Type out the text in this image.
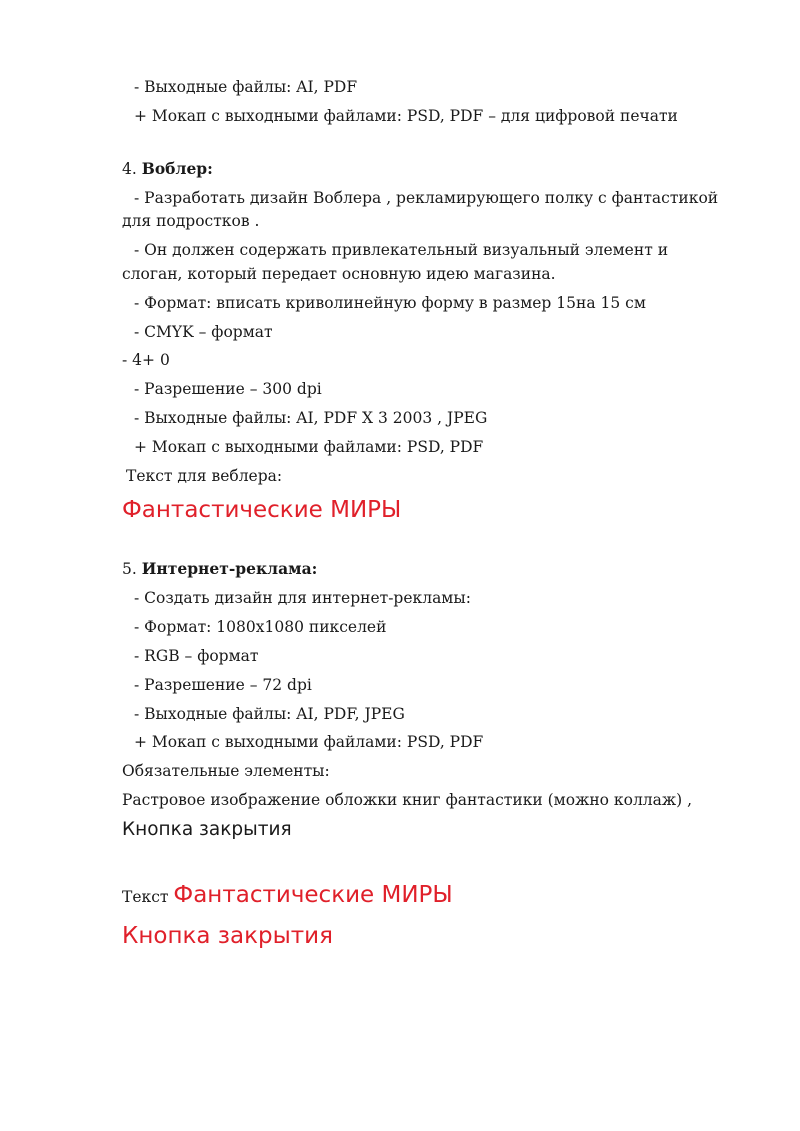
- Выходные файлы: AI, PDF
+ Мокап с выходными файлами: PSD, PDF – для цифровой печати
4. Воблер:
- Разработать дизайн Воблера , рекламирующего полку с фантастикой
для подростков .
- Он должен содержать привлекательный визуальный элемент и
слоган, который передает основную идею магазина.
- Формат: вписать криволинейную форму в размер 15на 15 см
- CMYK – формат
- 4+ 0
- Разрешение – 300 dpi
- Выходные файлы: AI, PDF X 3 2003 , JPEG
+ Мокап с выходными файлами: PSD, PDF
Текст для веблера:
Фантастические МИРЫ
5. Интернет-реклама:
- Создать дизайн для интернет-рекламы:
- Формат: 1080х1080 пикселей
- RGB – формат
- Разрешение – 72 dpi
- Выходные файлы: AI, PDF, JPEG
+ Мокап с выходными файлами: PSD, PDF
Обязательные элементы:
Растровое изображение обложки книг фантастики (можно коллаж) ,
Кнопка закрытия
Текст Фантастические МИРЫ
Кнопка закрытия
